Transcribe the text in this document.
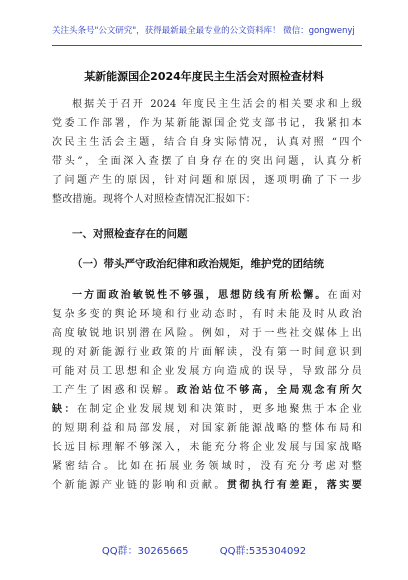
关注头条号"公文研究"，获得最新最全最专业的公文资料库！ 微信：gongwenyj
某新能源国企2024年度民主生活会对照检查材料
根据关于召开 2024 年度民主生活会的相关要求和上级
党委工作部署，作为某新能源国企党支部书记，我紧扣本
次民主生活会主题，结合自身实际情况，认真对照 “四个
带头”，全面深入查摆了自身存在的突出问题，认真分析
了问题产生的原因，针对问题和原因，逐项明确了下一步
整改措施。现将个人对照检查情况汇报如下：
一、对照检查存在的问题
（一）带头严守政治纪律和政治规矩，维护党的团结统
一方面政治敏锐性不够强，思想防线有所松懈。在面对
复杂多变的舆论环境和行业动态时，有时未能及时从政治
高度敏锐地识别潜在风险。例如，对于一些社交媒体上出
现的对新能源行业政策的片面解读，没有第一时间意识到
可能对员工思想和企业发展方向造成的误导，导致部分员
工产生了困惑和误解。政治站位不够高，全局观念有所欠
缺：在制定企业发展规划和决策时，更多地聚焦于本企业
的短期利益和局部发展，对国家新能源战略的整体布局和
长远目标理解不够深入，未能充分将企业发展与国家战略
紧密结合。比如在拓展业务领域时，没有充分考虑对整
个新能源产业链的影响和贡献。贯彻执行有差距，落实要
QQ群：30265665	QQ群:535304092
